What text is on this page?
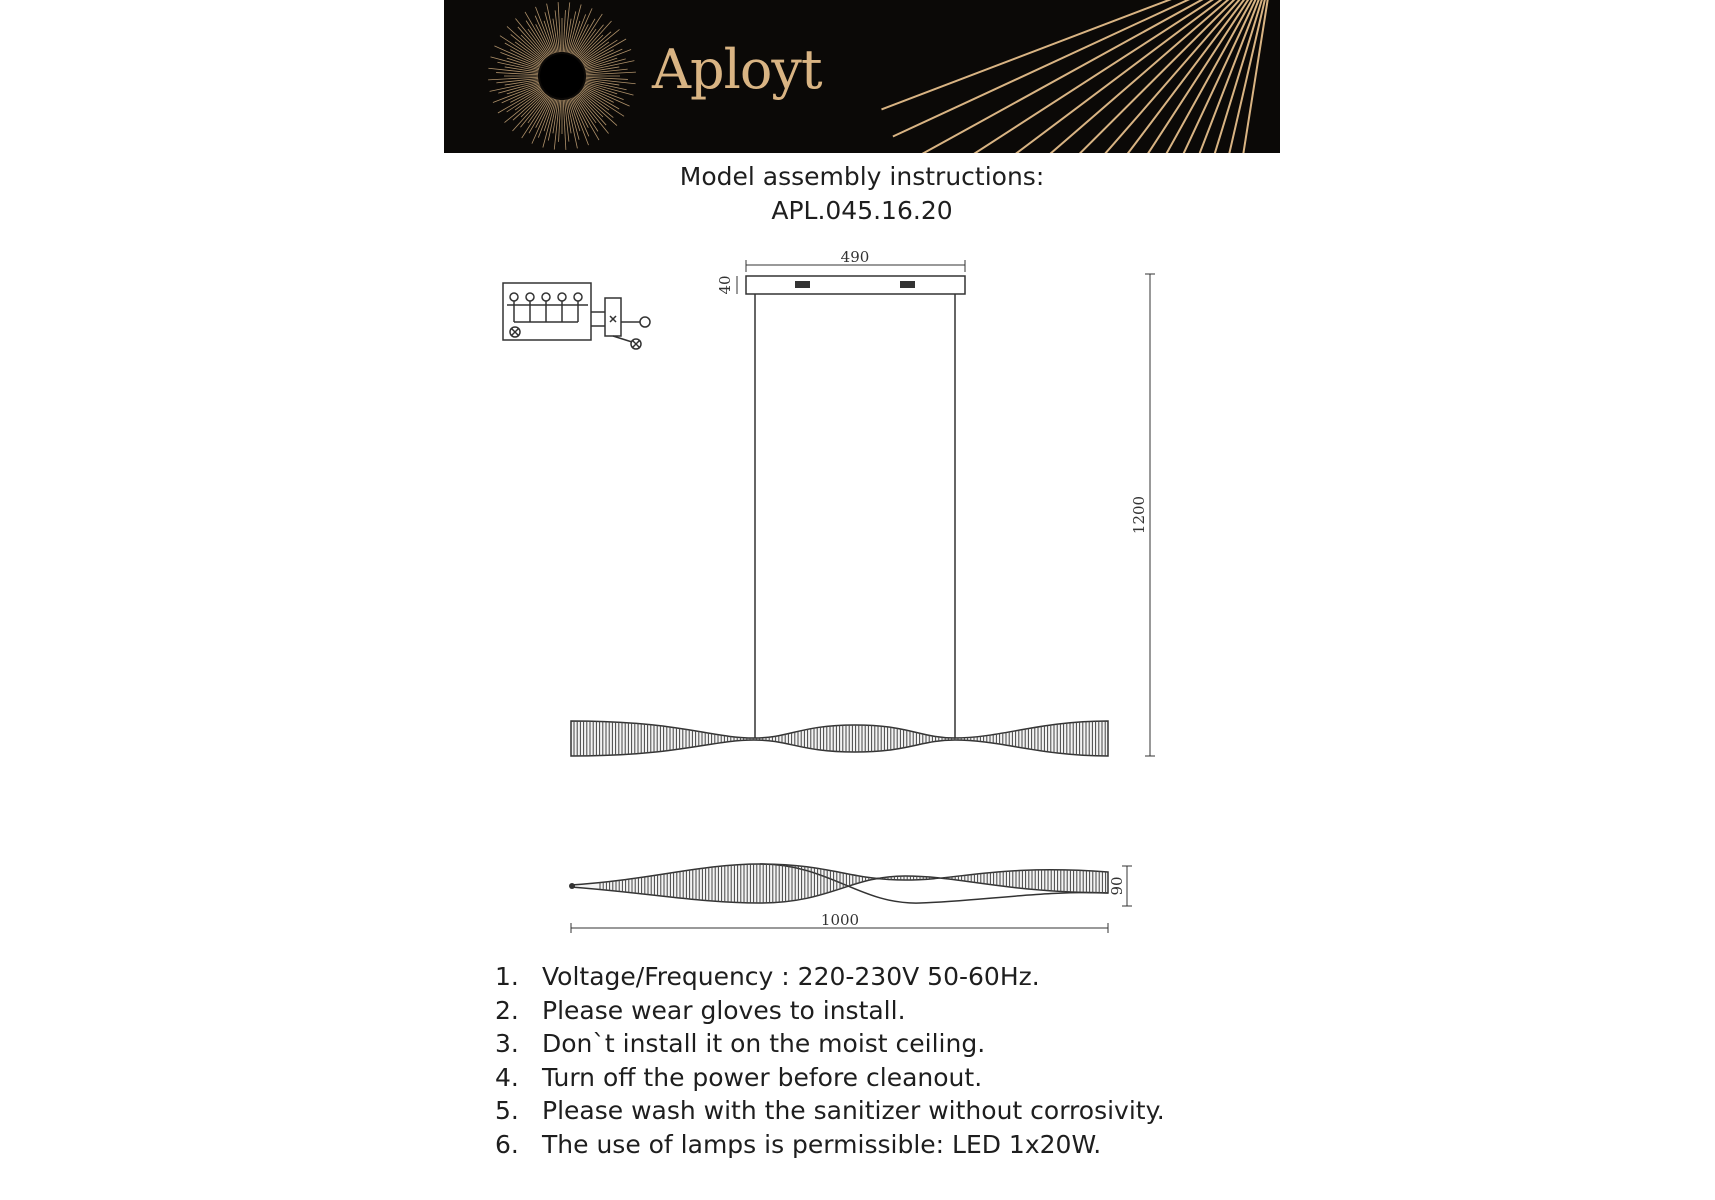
Aployt
Model assembly instructions:
APL.045.16.20
490
40
1200
90
1000
1. Voltage/Frequency : 220-230V 50-60Hz.
2. Please wear gloves to install.
3. Don`t install it on the moist ceiling.
4. Turn off the power before cleanout.
5. Please wash with the sanitizer without corrosivity.
6. The use of lamps is permissible: LED 1x20W.
